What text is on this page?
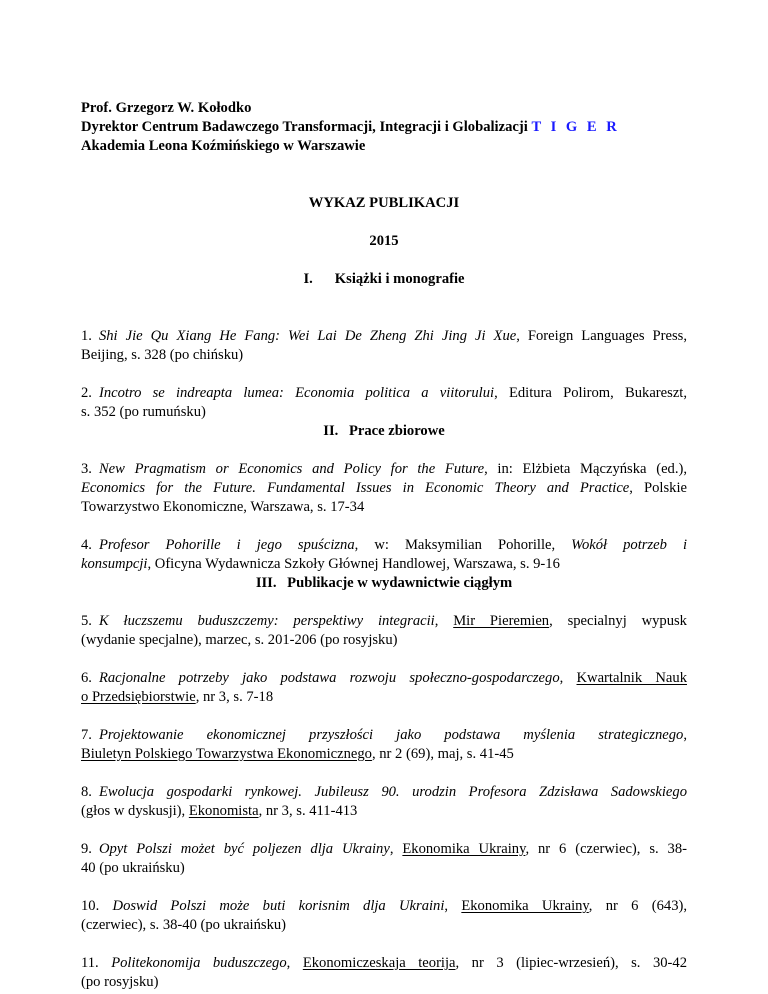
Prof. Grzegorz W. Kołodko
Dyrektor Centrum Badawczego Transformacji, Integracji i Globalizacji T I G E R
Akademia Leona Koźmińskiego w Warszawie
WYKAZ PUBLIKACJI
2015
I. Książki i monografie
1. Shi Jie Qu Xiang He Fang: Wei Lai De Zheng Zhi Jing Ji Xue, Foreign Languages Press,
Beijing, s. 328 (po chińsku)
2. Incotro se indreapta lumea: Economia politica a viitorului, Editura Polirom, Bukareszt,
s. 352 (po rumuńsku)
II. Prace zbiorowe
3. New Pragmatism or Economics and Policy for the Future, in: Elżbieta Mączyńska (ed.),
Economics for the Future. Fundamental Issues in Economic Theory and Practice, Polskie
Towarzystwo Ekonomiczne, Warszawa, s. 17-34
4. Profesor Pohorille i jego spuścizna, w: Maksymilian Pohorille, Wokół potrzeb i
konsumpcji, Oficyna Wydawnicza Szkoły Głównej Handlowej, Warszawa, s. 9-16
III. Publikacje w wydawnictwie ciągłym
5. K łuczszemu buduszczemy: perspektiwy integracii, Mir Pieremien, specialnyj wypusk
(wydanie specjalne), marzec, s. 201-206 (po rosyjsku)
6. Racjonalne potrzeby jako podstawa rozwoju społeczno-gospodarczego, Kwartalnik Nauk
o Przedsiębiorstwie, nr 3, s. 7-18
7. Projektowanie ekonomicznej przyszłości jako podstawa myślenia strategicznego,
Biuletyn Polskiego Towarzystwa Ekonomicznego, nr 2 (69), maj, s. 41-45
8. Ewolucja gospodarki rynkowej. Jubileusz 90. urodzin Profesora Zdzisława Sadowskiego
(głos w dyskusji), Ekonomista, nr 3, s. 411-413
9. Opyt Polszi możet być poljezen dlja Ukrainy, Ekonomika Ukrainy, nr 6 (czerwiec), s. 38-
40 (po ukraińsku)
10. Doswid Polszi może buti korisnim dlja Ukraini, Ekonomika Ukrainy, nr 6 (643),
(czerwiec), s. 38-40 (po ukraińsku)
11. Politekonomija buduszczego, Ekonomiczeskaja teorija, nr 3 (lipiec-wrzesień), s. 30-42
(po rosyjsku)
